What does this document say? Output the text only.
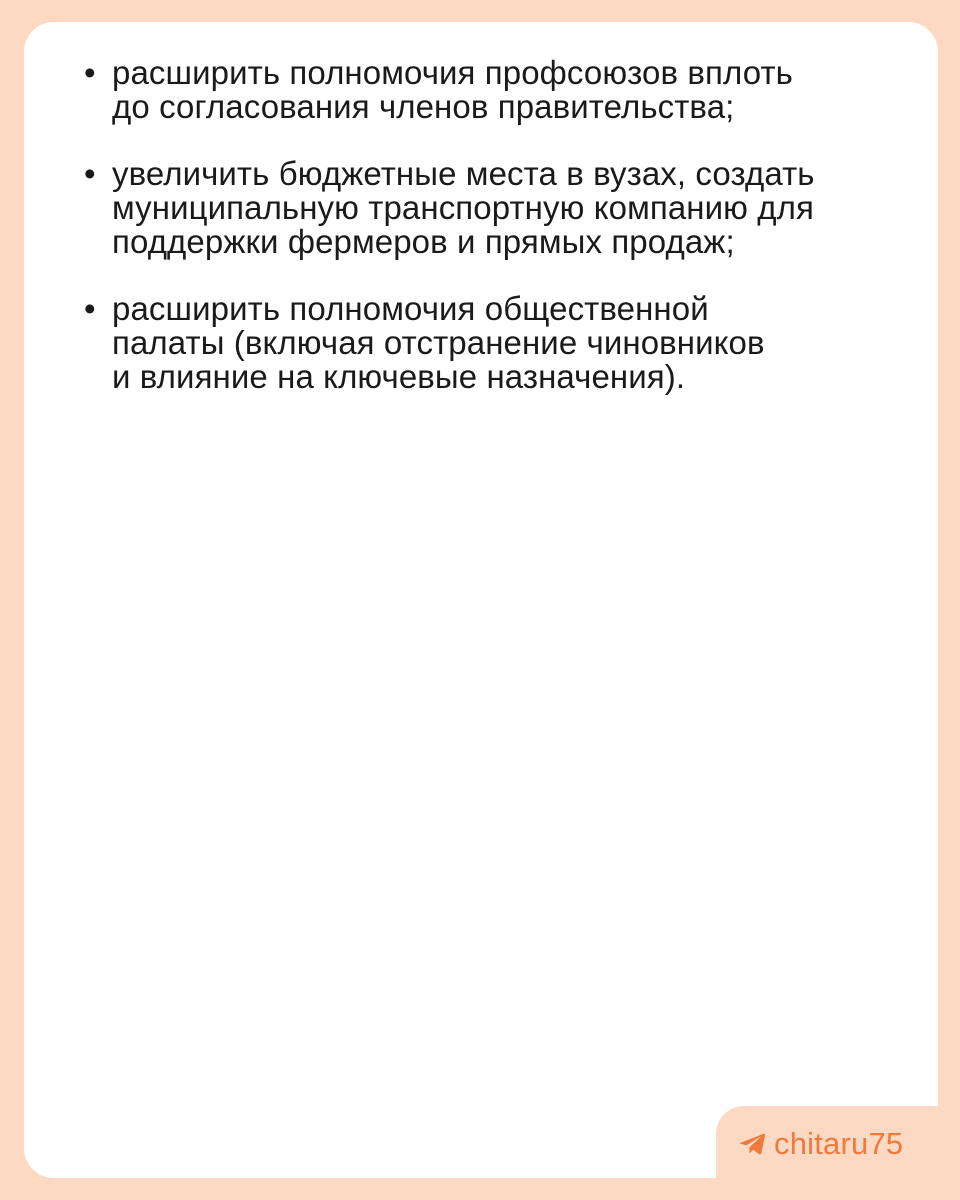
• расширить полномочия профсоюзов вплоть
до согласования членов правительства;
• увеличить бюджетные места в вузах, создать
муниципальную транспортную компанию для
поддержки фермеров и прямых продаж;
• расширить полномочия общественной
палаты (включая отстранение чиновников
и влияние на ключевые назначения).
chitaru75
